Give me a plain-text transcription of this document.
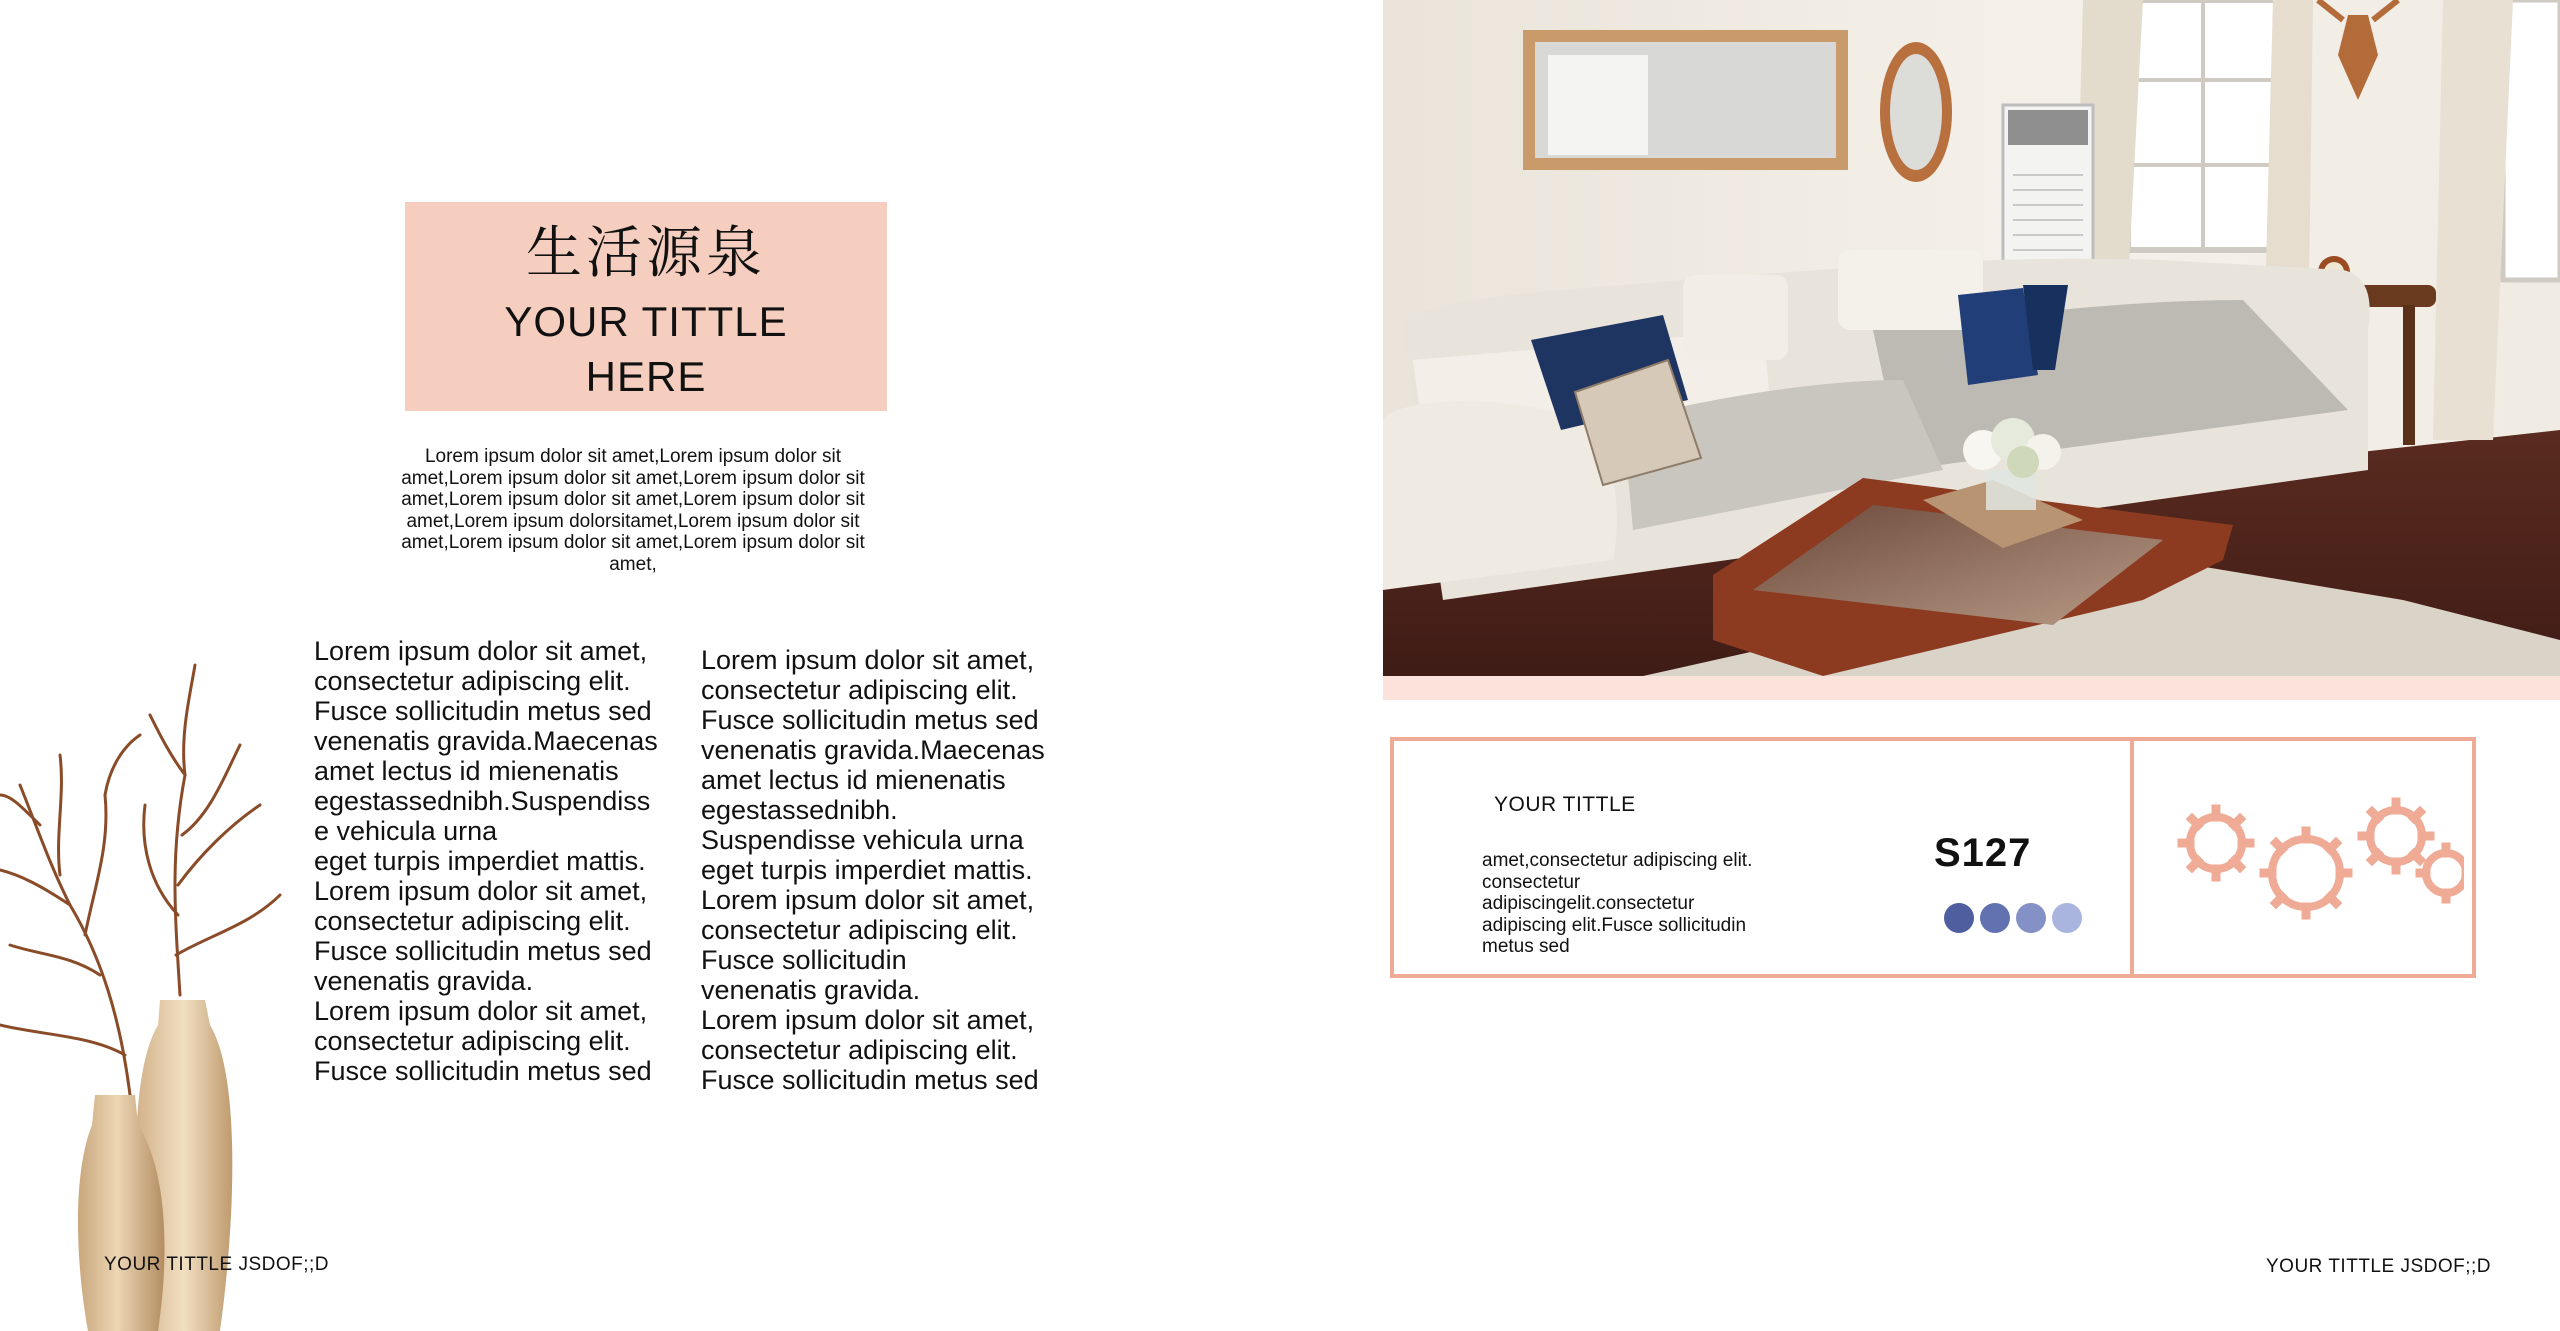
生活源泉
YOUR TITTLE
HERE
Lorem ipsum dolor sit amet,Lorem ipsum dolor sit amet,Lorem ipsum dolor sit amet,Lorem ipsum dolor sit amet,Lorem ipsum dolor sit amet,Lorem ipsum dolor sit amet,Lorem ipsum dolorsitamet,Lorem ipsum dolor sit amet,Lorem ipsum dolor sit amet,Lorem ipsum dolor sit amet,
Lorem ipsum dolor sit amet,
consectetur adipiscing elit.
Fusce sollicitudin metus sed
venenatis gravida.Maecenas
amet lectus id mienenatis
egestassednibh.Suspendiss
e vehicula urna
eget turpis imperdiet mattis.
Lorem ipsum dolor sit amet,
consectetur adipiscing elit.
Fusce sollicitudin metus sed
venenatis gravida.
Lorem ipsum dolor sit amet,
consectetur adipiscing elit.
Fusce sollicitudin metus sed
Lorem ipsum dolor sit amet,
consectetur adipiscing elit.
Fusce sollicitudin metus sed
venenatis gravida.Maecenas
amet lectus id mienenatis
egestassednibh.
Suspendisse vehicula urna
eget turpis imperdiet mattis.
Lorem ipsum dolor sit amet,
consectetur adipiscing elit.
Fusce sollicitudin
venenatis gravida.
Lorem ipsum dolor sit amet,
consectetur adipiscing elit.
Fusce sollicitudin metus sed
YOUR TITTLE JSDOF;;D
YOUR TITTLE
amet,consectetur adipiscing elit.
consectetur
adipiscingelit.consectetur
adipiscing elit.Fusce sollicitudin
metus sed
S127
YOUR TITTLE JSDOF;;D
